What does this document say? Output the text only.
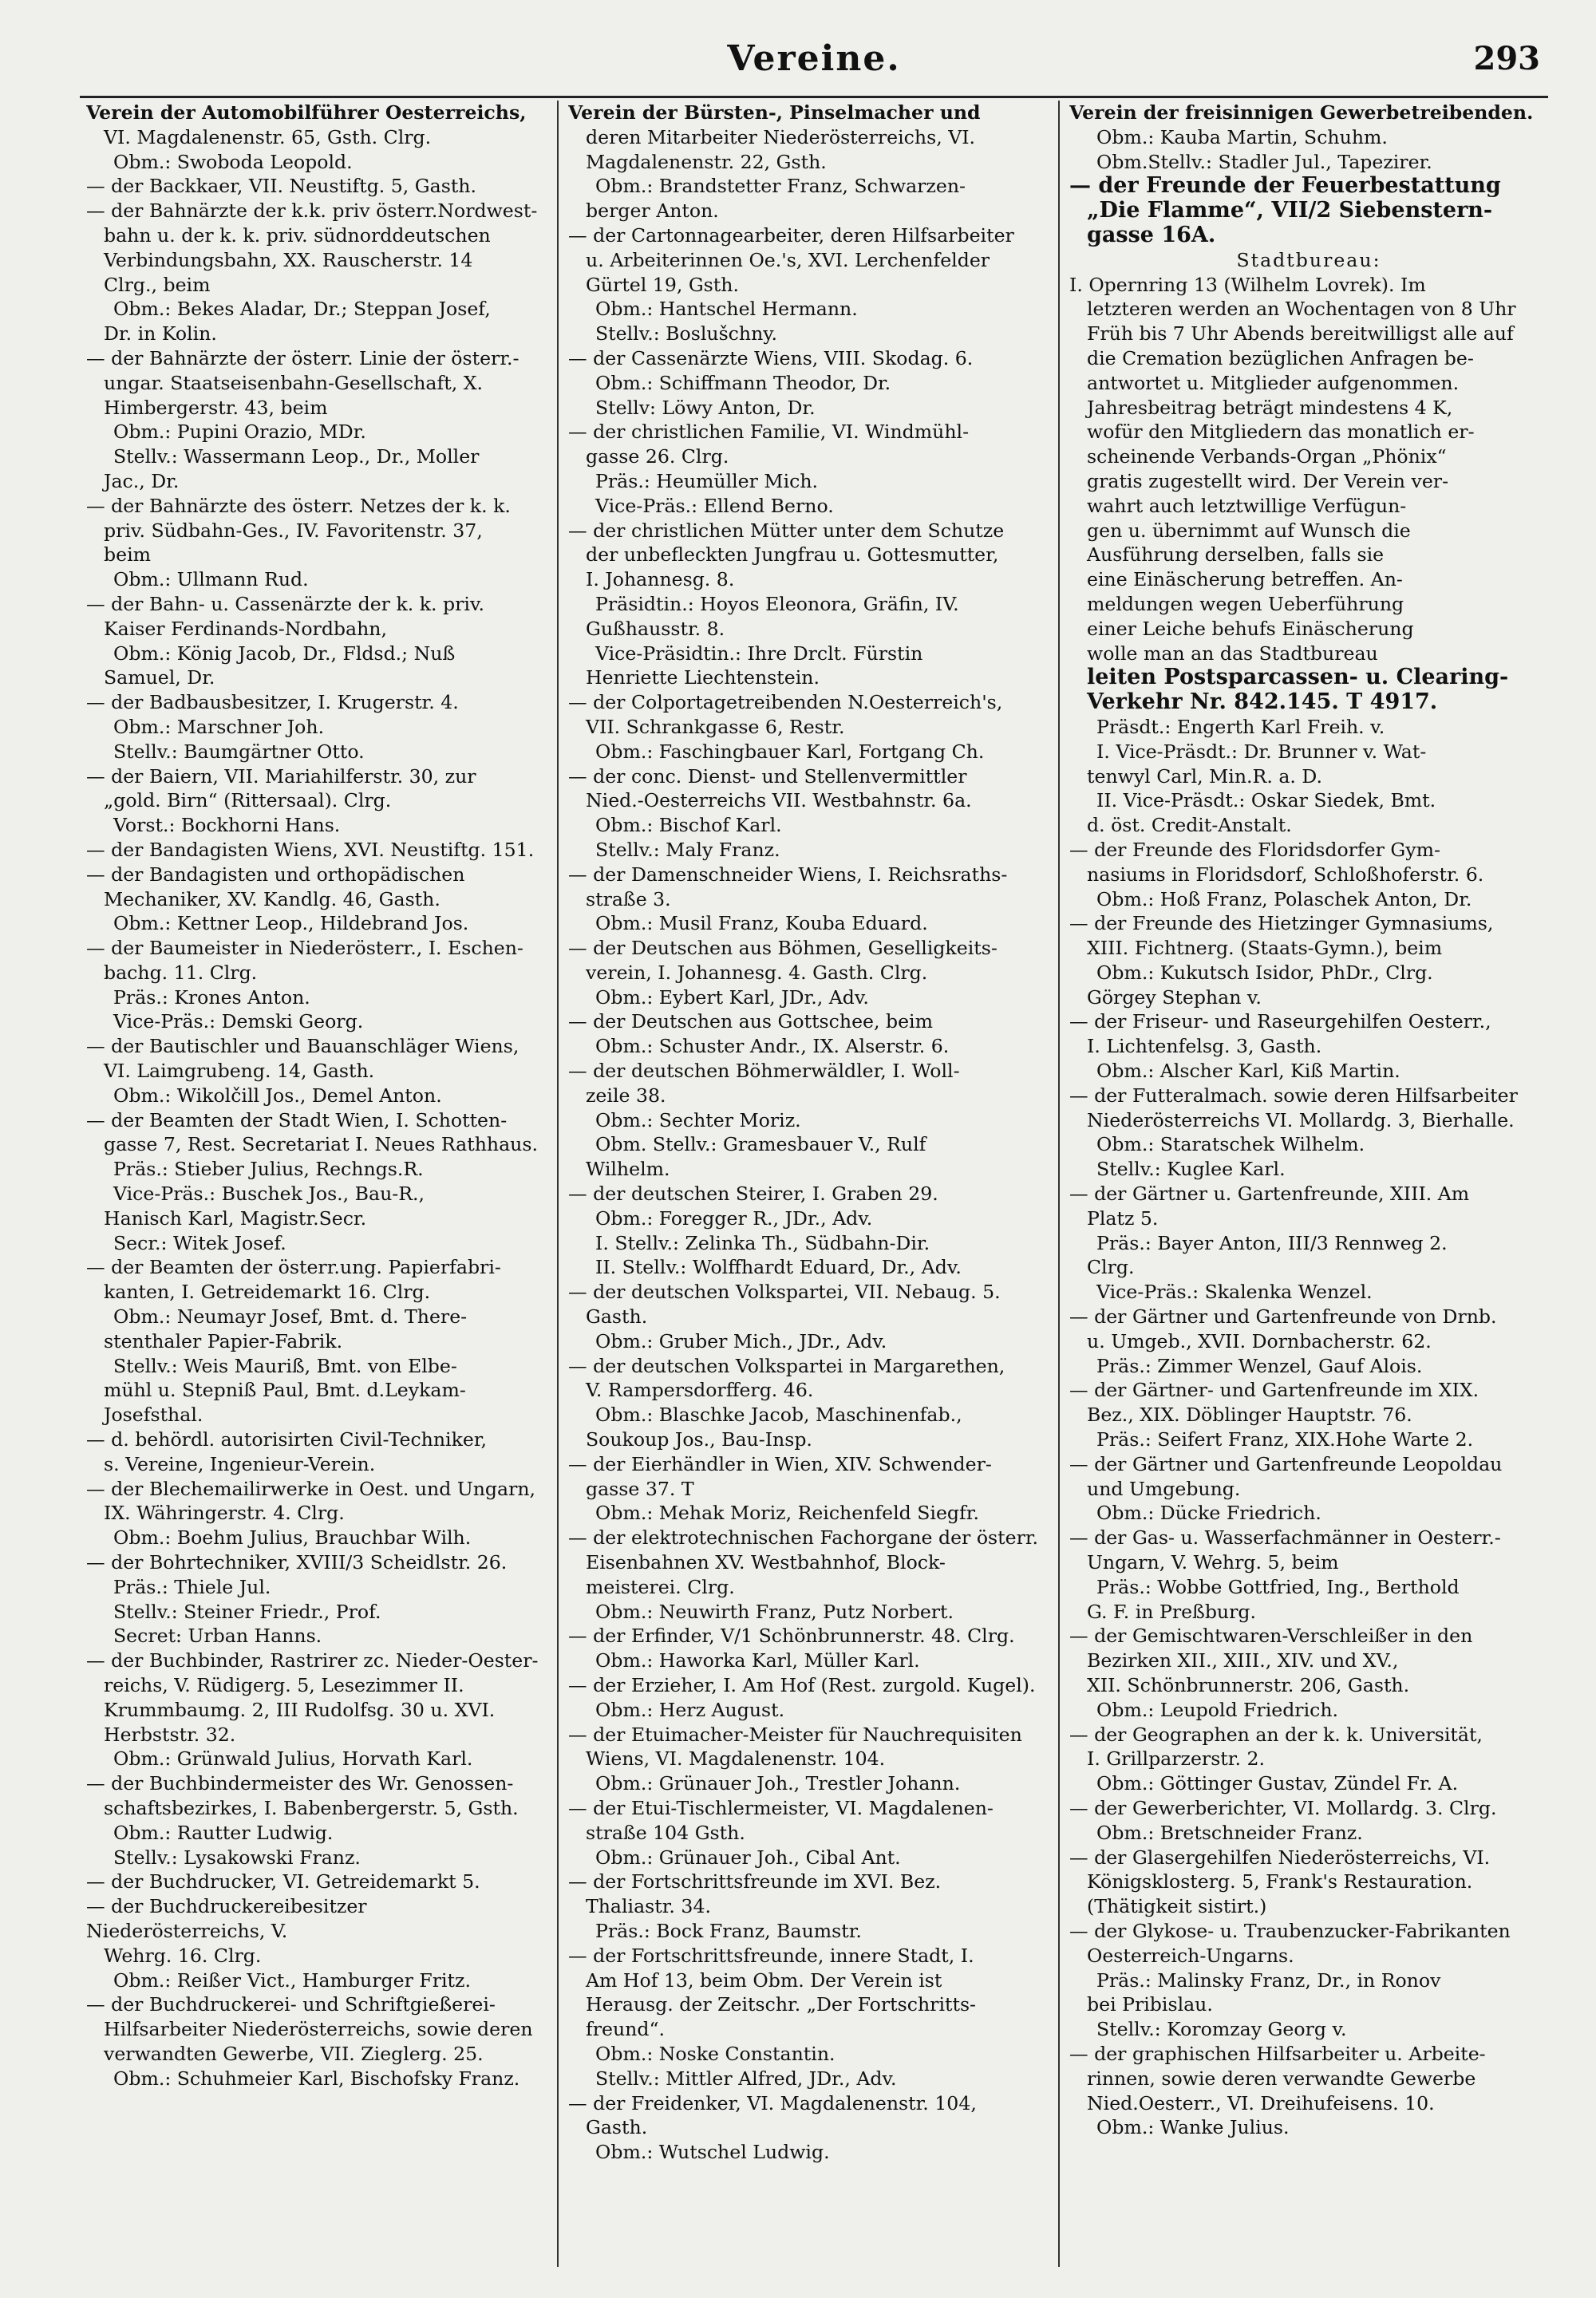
Vereine.	293
Verein der Automobilführer Oesterreichs,
VI. Magdalenenstr. 65, Gsth. Clrg.
Obm.: Swoboda Leopold.
— der Backkaer, VII. Neustiftg. 5, Gasth.
— der Bahnärzte der k.k. priv österr.Nordwest-
bahn u. der k. k. priv. südnorddeutschen
Verbindungsbahn, XX. Rauscherstr. 14
Clrg., beim
Obm.: Bekes Aladar, Dr.; Steppan Josef,
Dr. in Kolin.
— der Bahnärzte der österr. Linie der österr.-
ungar. Staatseisenbahn-Gesellschaft, X.
Himbergerstr. 43, beim
Obm.: Pupini Orazio, MDr.
Stellv.: Wassermann Leop., Dr., Moller
Jac., Dr.
— der Bahnärzte des österr. Netzes der k. k.
priv. Südbahn-Ges., IV. Favoritenstr. 37,
beim
Obm.: Ullmann Rud.
— der Bahn- u. Cassenärzte der k. k. priv.
Kaiser Ferdinands-Nordbahn,
Obm.: König Jacob, Dr., Fldsd.; Nuß
Samuel, Dr.
— der Badbausbesitzer, I. Krugerstr. 4.
Obm.: Marschner Joh.
Stellv.: Baumgärtner Otto.
— der Baiern, VII. Mariahilferstr. 30, zur
„gold. Birn“ (Rittersaal). Clrg.
Vorst.: Bockhorni Hans.
— der Bandagisten Wiens, XVI. Neustiftg. 151.
— der Bandagisten und orthopädischen
Mechaniker, XV. Kandlg. 46, Gasth.
Obm.: Kettner Leop., Hildebrand Jos.
— der Baumeister in Niederösterr., I. Eschen-
bachg. 11. Clrg.
Präs.: Krones Anton.
Vice-Präs.: Demski Georg.
— der Bautischler und Bauanschläger Wiens,
VI. Laimgrubeng. 14, Gasth.
Obm.: Wikolčill Jos., Demel Anton.
— der Beamten der Stadt Wien, I. Schotten-
gasse 7, Rest. Secretariat I. Neues Rathhaus.
Präs.: Stieber Julius, Rechngs.R.
Vice-Präs.: Buschek Jos., Bau-R.,
Hanisch Karl, Magistr.Secr.
Secr.: Witek Josef.
— der Beamten der österr.ung. Papierfabri-
kanten, I. Getreidemarkt 16. Clrg.
Obm.: Neumayr Josef, Bmt. d. There-
stenthaler Papier-Fabrik.
Stellv.: Weis Mauriß, Bmt. von Elbe-
mühl u. Stepniß Paul, Bmt. d.Leykam-
Josefsthal.
— d. behördl. autorisirten Civil-Techniker,
s. Vereine, Ingenieur-Verein.
— der Blechemailirwerke in Oest. und Ungarn,
IX. Währingerstr. 4. Clrg.
Obm.: Boehm Julius, Brauchbar Wilh.
— der Bohrtechniker, XVIII/3 Scheidlstr. 26.
Präs.: Thiele Jul.
Stellv.: Steiner Friedr., Prof.
Secret: Urban Hanns.
— der Buchbinder, Rastrirer zc. Nieder-Oester-
reichs, V. Rüdigerg. 5, Lesezimmer II.
Krummbaumg. 2, III Rudolfsg. 30 u. XVI.
Herbststr. 32.
Obm.: Grünwald Julius, Horvath Karl.
— der Buchbindermeister des Wr. Genossen-
schaftsbezirkes, I. Babenbergerstr. 5, Gsth.
Obm.: Rautter Ludwig.
Stellv.: Lysakowski Franz.
— der Buchdrucker, VI. Getreidemarkt 5.
— der Buchdruckereibesitzer Niederösterreichs, V.
Wehrg. 16. Clrg.
Obm.: Reißer Vict., Hamburger Fritz.
— der Buchdruckerei- und Schriftgießerei-
Hilfsarbeiter Niederösterreichs, sowie deren
verwandten Gewerbe, VII. Zieglerg. 25.
Obm.: Schuhmeier Karl, Bischofsky Franz.
Verein der Bürsten-, Pinselmacher und
deren Mitarbeiter Niederösterreichs, VI.
Magdalenenstr. 22, Gsth.
Obm.: Brandstetter Franz, Schwarzen-
berger Anton.
— der Cartonnagearbeiter, deren Hilfsarbeiter
u. Arbeiterinnen Oe.'s, XVI. Lerchenfelder
Gürtel 19, Gsth.
Obm.: Hantschel Hermann.
Stellv.: Boslušchny.
— der Cassenärzte Wiens, VIII. Skodag. 6.
Obm.: Schiffmann Theodor, Dr.
Stellv: Löwy Anton, Dr.
— der christlichen Familie, VI. Windmühl-
gasse 26. Clrg.
Präs.: Heumüller Mich.
Vice-Präs.: Ellend Berno.
— der christlichen Mütter unter dem Schutze
der unbefleckten Jungfrau u. Gottesmutter,
I. Johannesg. 8.
Präsidtin.: Hoyos Eleonora, Gräfin, IV.
Gußhausstr. 8.
Vice-Präsidtin.: Ihre Drclt. Fürstin
Henriette Liechtenstein.
— der Colportagetreibenden N.Oesterreich's,
VII. Schrankgasse 6, Restr.
Obm.: Faschingbauer Karl, Fortgang Ch.
— der conc. Dienst- und Stellenvermittler
Nied.-Oesterreichs VII. Westbahnstr. 6a.
Obm.: Bischof Karl.
Stellv.: Maly Franz.
— der Damenschneider Wiens, I. Reichsraths-
straße 3.
Obm.: Musil Franz, Kouba Eduard.
— der Deutschen aus Böhmen, Geselligkeits-
verein, I. Johannesg. 4. Gasth. Clrg.
Obm.: Eybert Karl, JDr., Adv.
— der Deutschen aus Gottschee, beim
Obm.: Schuster Andr., IX. Alserstr. 6.
— der deutschen Böhmerwäldler, I. Woll-
zeile 38.
Obm.: Sechter Moriz.
Obm. Stellv.: Gramesbauer V., Rulf
Wilhelm.
— der deutschen Steirer, I. Graben 29.
Obm.: Foregger R., JDr., Adv.
I. Stellv.: Zelinka Th., Südbahn-Dir.
II. Stellv.: Wolffhardt Eduard, Dr., Adv.
— der deutschen Volkspartei, VII. Nebaug. 5.
Gasth.
Obm.: Gruber Mich., JDr., Adv.
— der deutschen Volkspartei in Margarethen,
V. Rampersdorfferg. 46.
Obm.: Blaschke Jacob, Maschinenfab.,
Soukoup Jos., Bau-Insp.
— der Eierhändler in Wien, XIV. Schwender-
gasse 37. T
Obm.: Mehak Moriz, Reichenfeld Siegfr.
— der elektrotechnischen Fachorgane der österr.
Eisenbahnen XV. Westbahnhof, Block-
meisterei. Clrg.
Obm.: Neuwirth Franz, Putz Norbert.
— der Erfinder, V/1 Schönbrunnerstr. 48. Clrg.
Obm.: Haworka Karl, Müller Karl.
— der Erzieher, I. Am Hof (Rest. zurgold. Kugel).
Obm.: Herz August.
— der Etuimacher-Meister für Nauchrequisiten
Wiens, VI. Magdalenenstr. 104.
Obm.: Grünauer Joh., Trestler Johann.
— der Etui-Tischlermeister, VI. Magdalenen-
straße 104 Gsth.
Obm.: Grünauer Joh., Cibal Ant.
— der Fortschrittsfreunde im XVI. Bez.
Thaliastr. 34.
Präs.: Bock Franz, Baumstr.
— der Fortschrittsfreunde, innere Stadt, I.
Am Hof 13, beim Obm. Der Verein ist
Herausg. der Zeitschr. „Der Fortschritts-
freund“.
Obm.: Noske Constantin.
Stellv.: Mittler Alfred, JDr., Adv.
— der Freidenker, VI. Magdalenenstr. 104,
Gasth.
Obm.: Wutschel Ludwig.
Verein der freisinnigen Gewerbetreibenden.
Obm.: Kauba Martin, Schuhm.
Obm.Stellv.: Stadler Jul., Tapezirer.
— der Freunde der Feuerbestattung
„Die Flamme“, VII/2 Siebenstern-
gasse 16A.
Stadtbureau:
I. Opernring 13 (Wilhelm Lovrek). Im
letzteren werden an Wochentagen von 8 Uhr
Früh bis 7 Uhr Abends bereitwilligst alle auf
die Cremation bezüglichen Anfragen be-
antwortet u. Mitglieder aufgenommen.
Jahresbeitrag beträgt mindestens 4 K,
wofür den Mitgliedern das monatlich er-
scheinende Verbands-Organ „Phönix“
gratis zugestellt wird. Der Verein ver-
wahrt auch letztwillige Verfügun-
gen u. übernimmt auf Wunsch die
Ausführung derselben, falls sie
eine Einäscherung betreffen. An-
meldungen wegen Ueberführung
einer Leiche behufs Einäscherung
wolle man an das Stadtbureau
leiten Postsparcassen- u. Clearing-
Verkehr Nr. 842.145. T 4917.
Präsdt.: Engerth Karl Freih. v.
I. Vice-Präsdt.: Dr. Brunner v. Wat-
tenwyl Carl, Min.R. a. D.
II. Vice-Präsdt.: Oskar Siedek, Bmt.
d. öst. Credit-Anstalt.
— der Freunde des Floridsdorfer Gym-
nasiums in Floridsdorf, Schloßhoferstr. 6.
Obm.: Hoß Franz, Polaschek Anton, Dr.
— der Freunde des Hietzinger Gymnasiums,
XIII. Fichtnerg. (Staats-Gymn.), beim
Obm.: Kukutsch Isidor, PhDr., Clrg.
Görgey Stephan v.
— der Friseur- und Raseurgehilfen Oesterr.,
I. Lichtenfelsg. 3, Gasth.
Obm.: Alscher Karl, Kiß Martin.
— der Futteralmach. sowie deren Hilfsarbeiter
Niederösterreichs VI. Mollardg. 3, Bierhalle.
Obm.: Staratschek Wilhelm.
Stellv.: Kuglee Karl.
— der Gärtner u. Gartenfreunde, XIII. Am
Platz 5.
Präs.: Bayer Anton, III/3 Rennweg 2.
Clrg.
Vice-Präs.: Skalenka Wenzel.
— der Gärtner und Gartenfreunde von Drnb.
u. Umgeb., XVII. Dornbacherstr. 62.
Präs.: Zimmer Wenzel, Gauf Alois.
— der Gärtner- und Gartenfreunde im XIX.
Bez., XIX. Döblinger Hauptstr. 76.
Präs.: Seifert Franz, XIX.Hohe Warte 2.
— der Gärtner und Gartenfreunde Leopoldau
und Umgebung.
Obm.: Dücke Friedrich.
— der Gas- u. Wasserfachmänner in Oesterr.-
Ungarn, V. Wehrg. 5, beim
Präs.: Wobbe Gottfried, Ing., Berthold
G. F. in Preßburg.
— der Gemischtwaren-Verschleißer in den
Bezirken XII., XIII., XIV. und XV.,
XII. Schönbrunnerstr. 206, Gasth.
Obm.: Leupold Friedrich.
— der Geographen an der k. k. Universität,
I. Grillparzerstr. 2.
Obm.: Göttinger Gustav, Zündel Fr. A.
— der Gewerberichter, VI. Mollardg. 3. Clrg.
Obm.: Bretschneider Franz.
— der Glasergehilfen Niederösterreichs, VI.
Königsklosterg. 5, Frank's Restauration.
(Thätigkeit sistirt.)
— der Glykose- u. Traubenzucker-Fabrikanten
Oesterreich-Ungarns.
Präs.: Malinsky Franz, Dr., in Ronov
bei Pribislau.
Stellv.: Koromzay Georg v.
— der graphischen Hilfsarbeiter u. Arbeite-
rinnen, sowie deren verwandte Gewerbe
Nied.Oesterr., VI. Dreihufeisens. 10.
Obm.: Wanke Julius.
